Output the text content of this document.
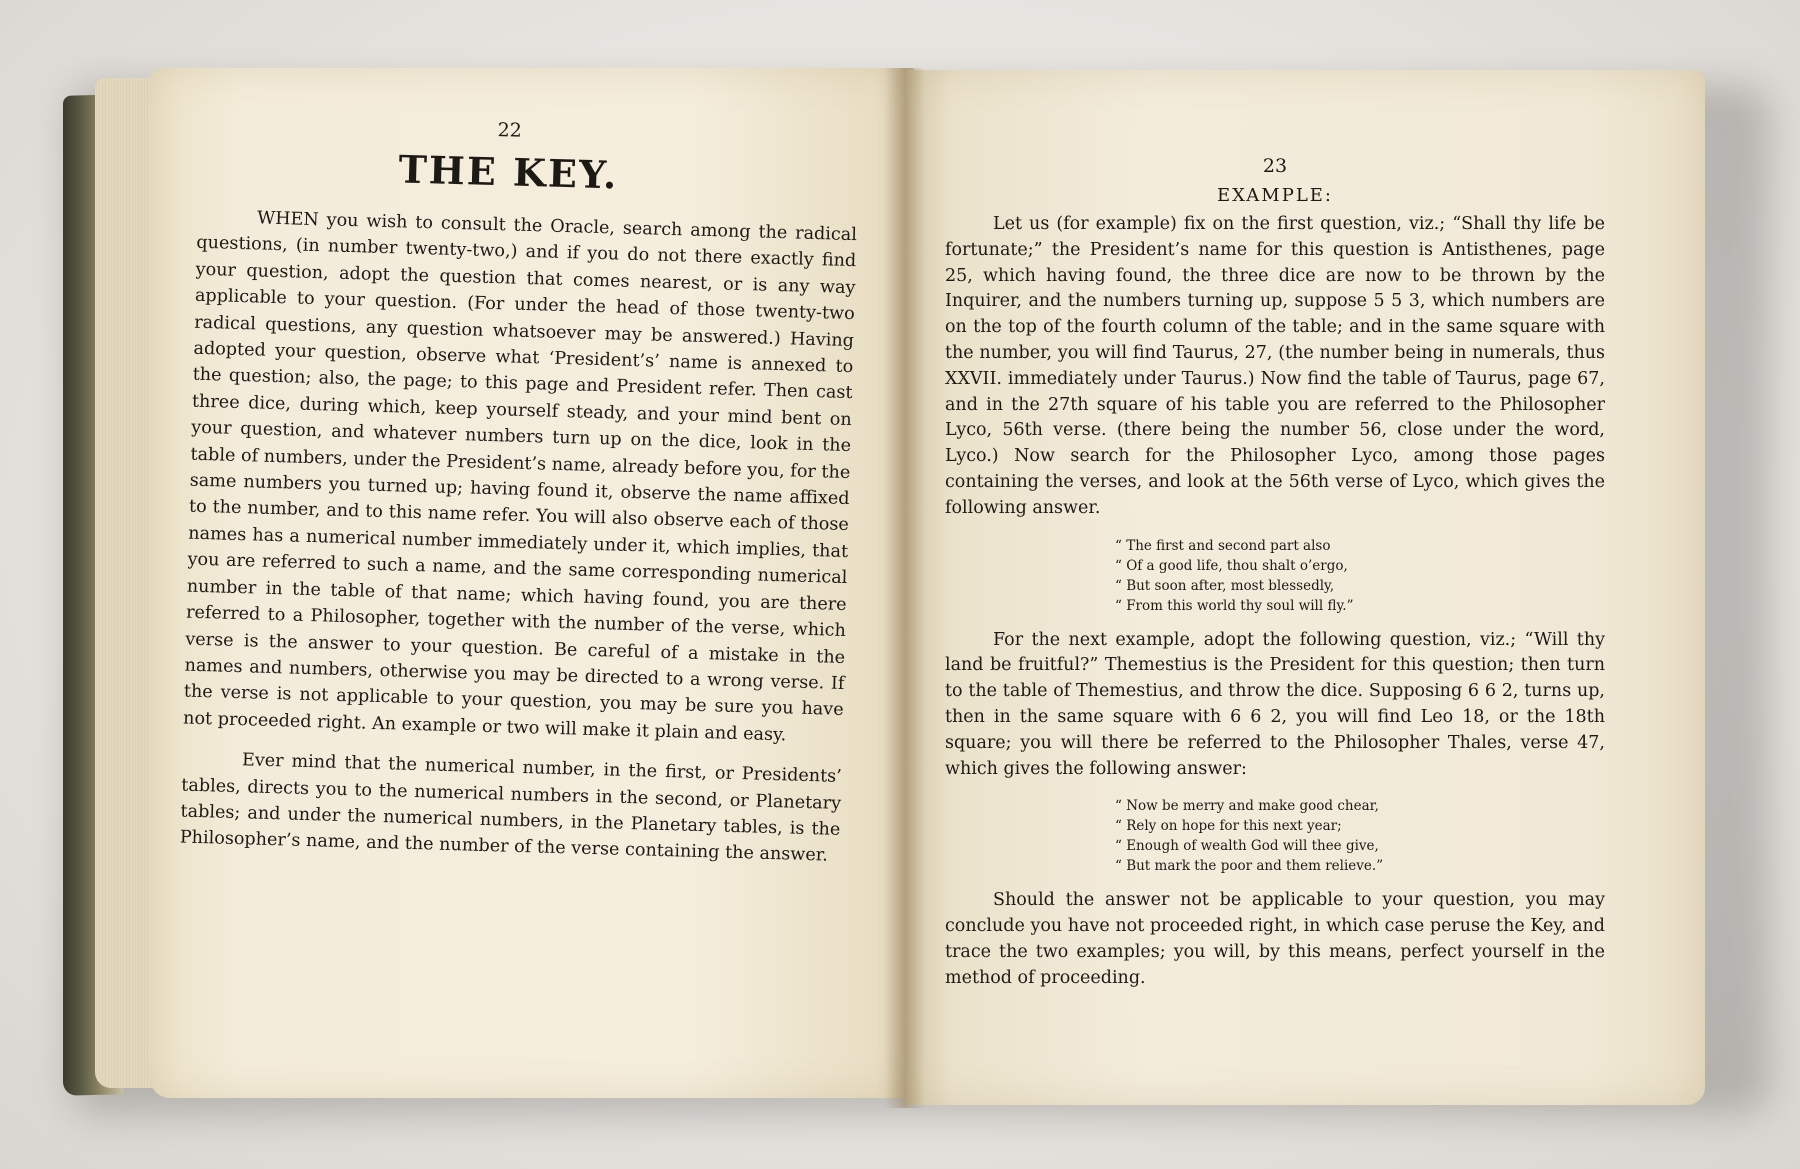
22
THE KEY.

WHEN you wish to consult the Oracle, search among the radical questions, (in number twenty-two,) and if you do not there exactly find your question, adopt the question that comes nearest, or is any way applicable to your question. (For under the head of those twenty-two radical questions, any question whatsoever may be answered.) Having adopted your question, observe what ‘President’s’ name is annexed to the question; also, the page; to this page and President refer. Then cast three dice, during which, keep yourself steady, and your mind bent on your question, and whatever numbers turn up on the dice, look in the table of numbers, under the President’s name, already before you, for the same numbers you turned up; having found it, observe the name affixed to the number, and to this name refer. You will also observe each of those names has a numerical number immediately under it, which implies, that you are referred to such a name, and the same corresponding numerical number in the table of that name; which having found, you are there referred to a Philosopher, together with the number of the verse, which verse is the answer to your question. Be careful of a mistake in the names and numbers, otherwise you may be directed to a wrong verse. If the verse is not applicable to your question, you may be sure you have not proceeded right. An example or two will make it plain and easy.

Ever mind that the numerical number, in the first, or Presidents’ tables, directs you to the numerical numbers in the second, or Planetary tables; and under the numerical numbers, in the Planetary tables, is the Philosopher’s name, and the number of the verse containing the answer.

23
EXAMPLE:

Let us (for example) fix on the first question, viz.; “Shall thy life be fortunate;” the President’s name for this question is Antisthenes, page 25, which having found, the three dice are now to be thrown by the Inquirer, and the numbers turning up, suppose 5 5 3, which numbers are on the top of the fourth column of the table; and in the same square with the number, you will find Taurus, 27, (the number being in numerals, thus XXVII. immediately under Taurus.) Now find the table of Taurus, page 67, and in the 27th square of his table you are referred to the Philosopher Lyco, 56th verse. (there being the number 56, close under the word, Lyco.) Now search for the Philosopher Lyco, among those pages containing the verses, and look at the 56th verse of Lyco, which gives the following answer.

“ The first and second part also
“ Of a good life, thou shalt o’ergo,
“ But soon after, most blessedly,
“ From this world thy soul will fly.”

For the next example, adopt the following question, viz.; “Will thy land be fruitful?” Themestius is the President for this question; then turn to the table of Themestius, and throw the dice. Supposing 6 6 2, turns up, then in the same square with 6 6 2, you will find Leo 18, or the 18th square; you will there be referred to the Philosopher Thales, verse 47, which gives the following answer:

“ Now be merry and make good chear,
“ Rely on hope for this next year;
“ Enough of wealth God will thee give,
“ But mark the poor and them relieve.”

Should the answer not be applicable to your question, you may conclude you have not proceeded right, in which case peruse the Key, and trace the two examples; you will, by this means, perfect yourself in the method of proceeding.
